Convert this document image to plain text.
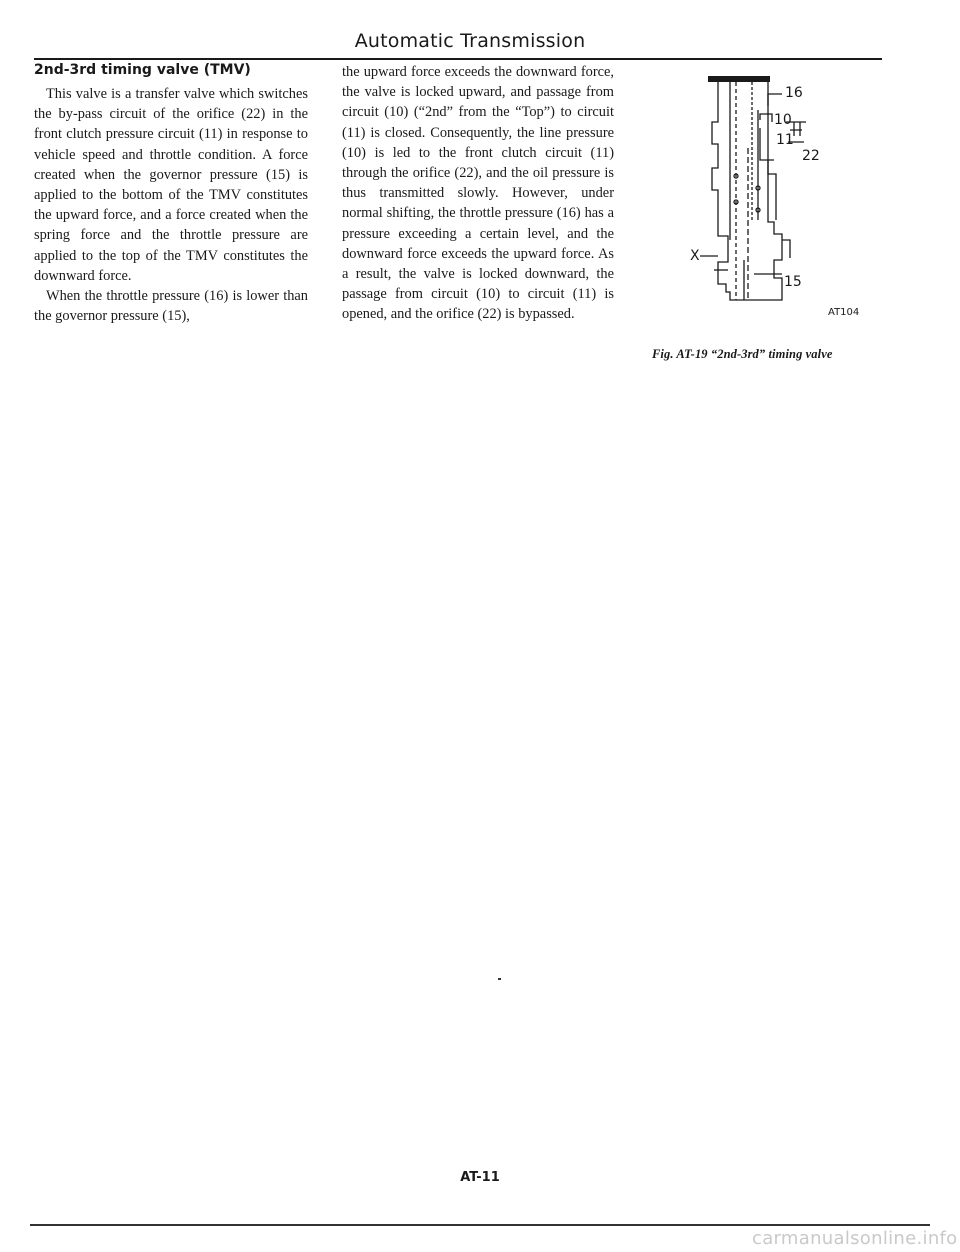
Automatic Transmission
2nd-3rd timing valve (TMV)

This valve is a transfer valve which switches the by-pass circuit of the orifice (22) in the front clutch pressure circuit (11) in response to vehicle speed and throttle condition. A force created when the governor pressure (15) is applied to the bottom of the TMV constitutes the upward force, and a force created when the spring force and the throttle pressure are applied to the top of the TMV constitutes the downward force.

When the throttle pressure (16) is lower than the governor pressure (15),

the upward force exceeds the downward force, the valve is locked upward, and passage from circuit (10) (“2nd” from the “Top”) to circuit (11) is closed. Consequently, the line pressure (10) is led to the front clutch circuit (11) through the orifice (22), and the oil pressure is thus transmitted slowly. However, under normal shifting, the throttle pressure (16) has a pressure exceeding a certain level, and the downward force exceeds the upward force. As a result, the valve is locked downward, the passage from circuit (10) to circuit (11) is opened, and the orifice (22) is bypassed.

16
10
11
22
X
15
AT104
Fig. AT-19 “2nd-3rd” timing valve
AT-11
carmanualsonline.info
